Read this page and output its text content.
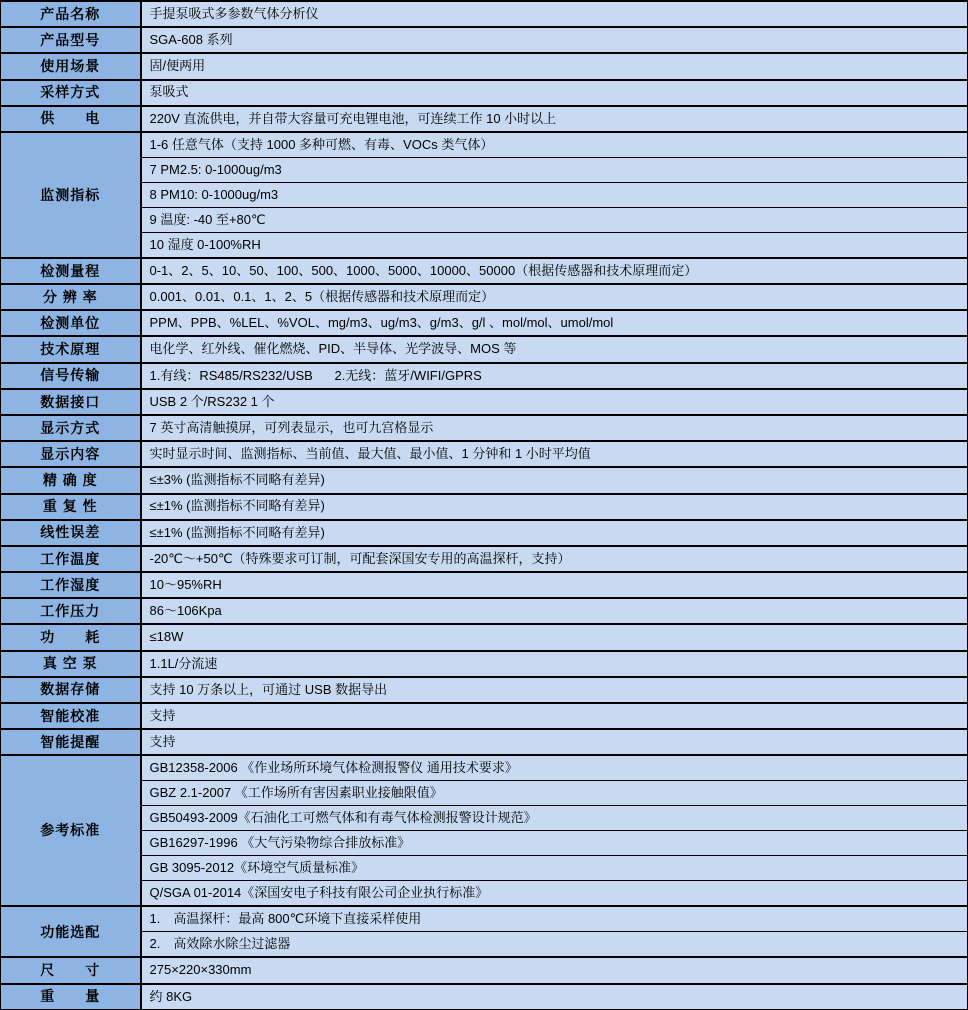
产品名称	手提泵吸式多参数气体分析仪
产品型号	SGA-608 系列
使用场景	固/便两用
采样方式	泵吸式
供　　电	220V 直流供电，并自带大容量可充电锂电池，可连续工作 10 小时以上
监测指标	1-6 任意气体（支持 1000 多种可燃、有毒、VOCs 类气体）
	7 PM2.5: 0-1000ug/m3
	8 PM10: 0-1000ug/m3
	9 温度: -40 至+80℃
	10 湿度 0-100%RH
检测量程	0-1、2、5、10、50、100、500、1000、5000、10000、50000（根据传感器和技术原理而定）
分 辨 率	0.001、0.01、0.1、1、2、5（根据传感器和技术原理而定）
检测单位	PPM、PPB、%LEL、%VOL、mg/m3、ug/m3、g/m3、g/l 、mol/mol、umol/mol
技术原理	电化学、红外线、催化燃烧、PID、半导体、光学波导、MOS 等
信号传输	1.有线：RS485/RS232/USB      2.无线：蓝牙/WIFI/GPRS
数据接口	USB 2 个/RS232 1 个
显示方式	7 英寸高清触摸屏，可列表显示，也可九宫格显示
显示内容	实时显示时间、监测指标、当前值、最大值、最小值、1 分钟和 1 小时平均值
精 确 度	≤±3% (监测指标不同略有差异)
重 复 性	≤±1% (监测指标不同略有差异)
线性误差	≤±1% (监测指标不同略有差异)
工作温度	-20℃～+50℃（特殊要求可订制，可配套深国安专用的高温探杆，支持）
工作湿度	10～95%RH
工作压力	86～106Kpa
功　　耗	≤18W
真 空 泵	1.1L/分流速
数据存储	支持 10 万条以上，可通过 USB 数据导出
智能校准	支持
智能提醒	支持
参考标准	GB12358-2006 《作业场所环境气体检测报警仪 通用技术要求》
	GBZ 2.1-2007 《工作场所有害因素职业接触限值》
	GB50493-2009《石油化工可燃气体和有毒气体检测报警设计规范》
	GB16297-1996 《大气污染物综合排放标准》
	GB 3095-2012《环境空气质量标准》
	Q/SGA 01-2014《深国安电子科技有限公司企业执行标准》
功能选配	1.　高温探杆：最高 800℃环境下直接采样使用
	2.　高效除水除尘过滤器
尺　　寸	275×220×330mm
重　　量	约 8KG
